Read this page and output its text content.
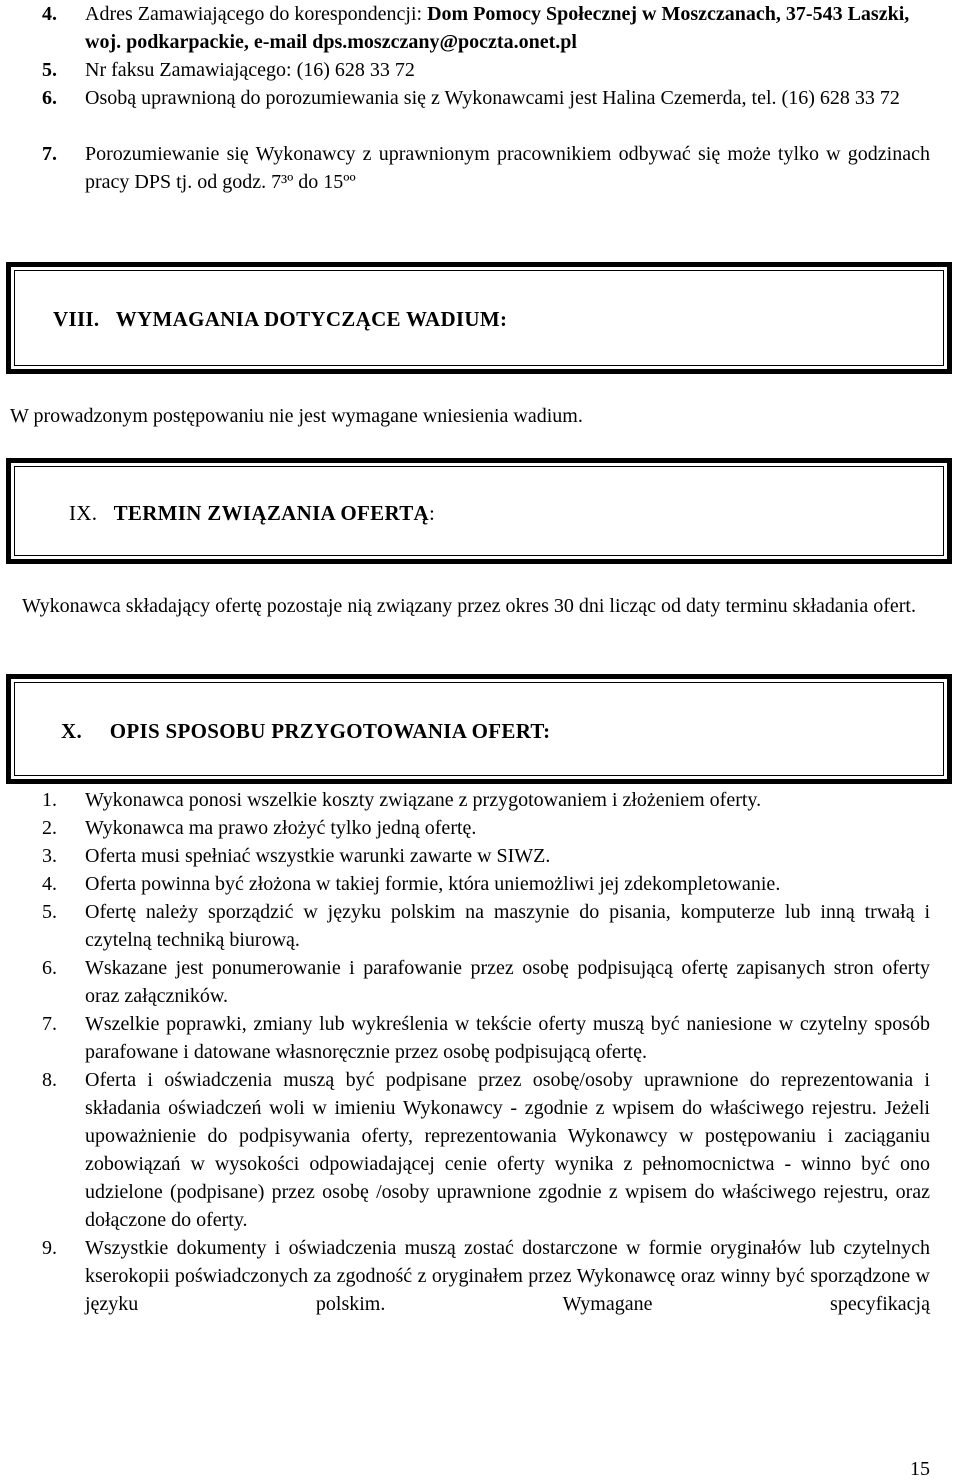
4. Adres Zamawiającego do korespondencji: Dom Pomocy Społecznej w Moszczanach, 37-543 Laszki, woj. podkarpackie, e-mail dps.moszczany@poczta.onet.pl
5. Nr faksu Zamawiającego: (16) 628 33 72
6. Osobą uprawnioną do porozumiewania się z Wykonawcami jest Halina Czemerda, tel. (16) 628 33 72
7. Porozumiewanie się Wykonawcy z uprawnionym pracownikiem odbywać się może tylko w godzinach pracy DPS tj. od godz. 7³º do 15ºº
VIII. WYMAGANIA DOTYCZĄCE WADIUM:
W prowadzonym postępowaniu nie jest wymagane wniesienia wadium.
IX. TERMIN ZWIĄZANIA OFERTĄ:
Wykonawca składający ofertę pozostaje nią związany przez okres 30 dni licząc od daty terminu składania ofert.
X. OPIS SPOSOBU PRZYGOTOWANIA OFERT:
1. Wykonawca ponosi wszelkie koszty związane z przygotowaniem i złożeniem oferty.
2. Wykonawca ma prawo złożyć tylko jedną ofertę.
3. Oferta musi spełniać wszystkie warunki zawarte w SIWZ.
4. Oferta powinna być złożona w takiej formie, która uniemożliwi jej zdekompletowanie.
5. Ofertę należy sporządzić w języku polskim na maszynie do pisania, komputerze lub inną trwałą i czytelną techniką biurową.
6. Wskazane jest ponumerowanie i parafowanie przez osobę podpisującą ofertę zapisanych stron oferty oraz załączników.
7. Wszelkie poprawki, zmiany lub wykreślenia w tekście oferty muszą być naniesione w czytelny sposób parafowane i datowane własnoręcznie przez osobę podpisującą ofertę.
8. Oferta i oświadczenia muszą być podpisane przez osobę/osoby uprawnione do reprezentowania i składania oświadczeń woli w imieniu Wykonawcy - zgodnie z wpisem do właściwego rejestru. Jeżeli upoważnienie do podpisywania oferty, reprezentowania Wykonawcy w postępowaniu i zaciąganiu zobowiązań w wysokości odpowiadającej cenie oferty wynika z pełnomocnictwa - winno być ono udzielone (podpisane) przez osobę /osoby uprawnione zgodnie z wpisem do właściwego rejestru, oraz dołączone do oferty.
9. Wszystkie dokumenty i oświadczenia muszą zostać dostarczone w formie oryginałów lub czytelnych kserokopii poświadczonych za zgodność z oryginałem przez Wykonawcę oraz winny być sporządzone w języku polskim. Wymagane specyfikacją
15
